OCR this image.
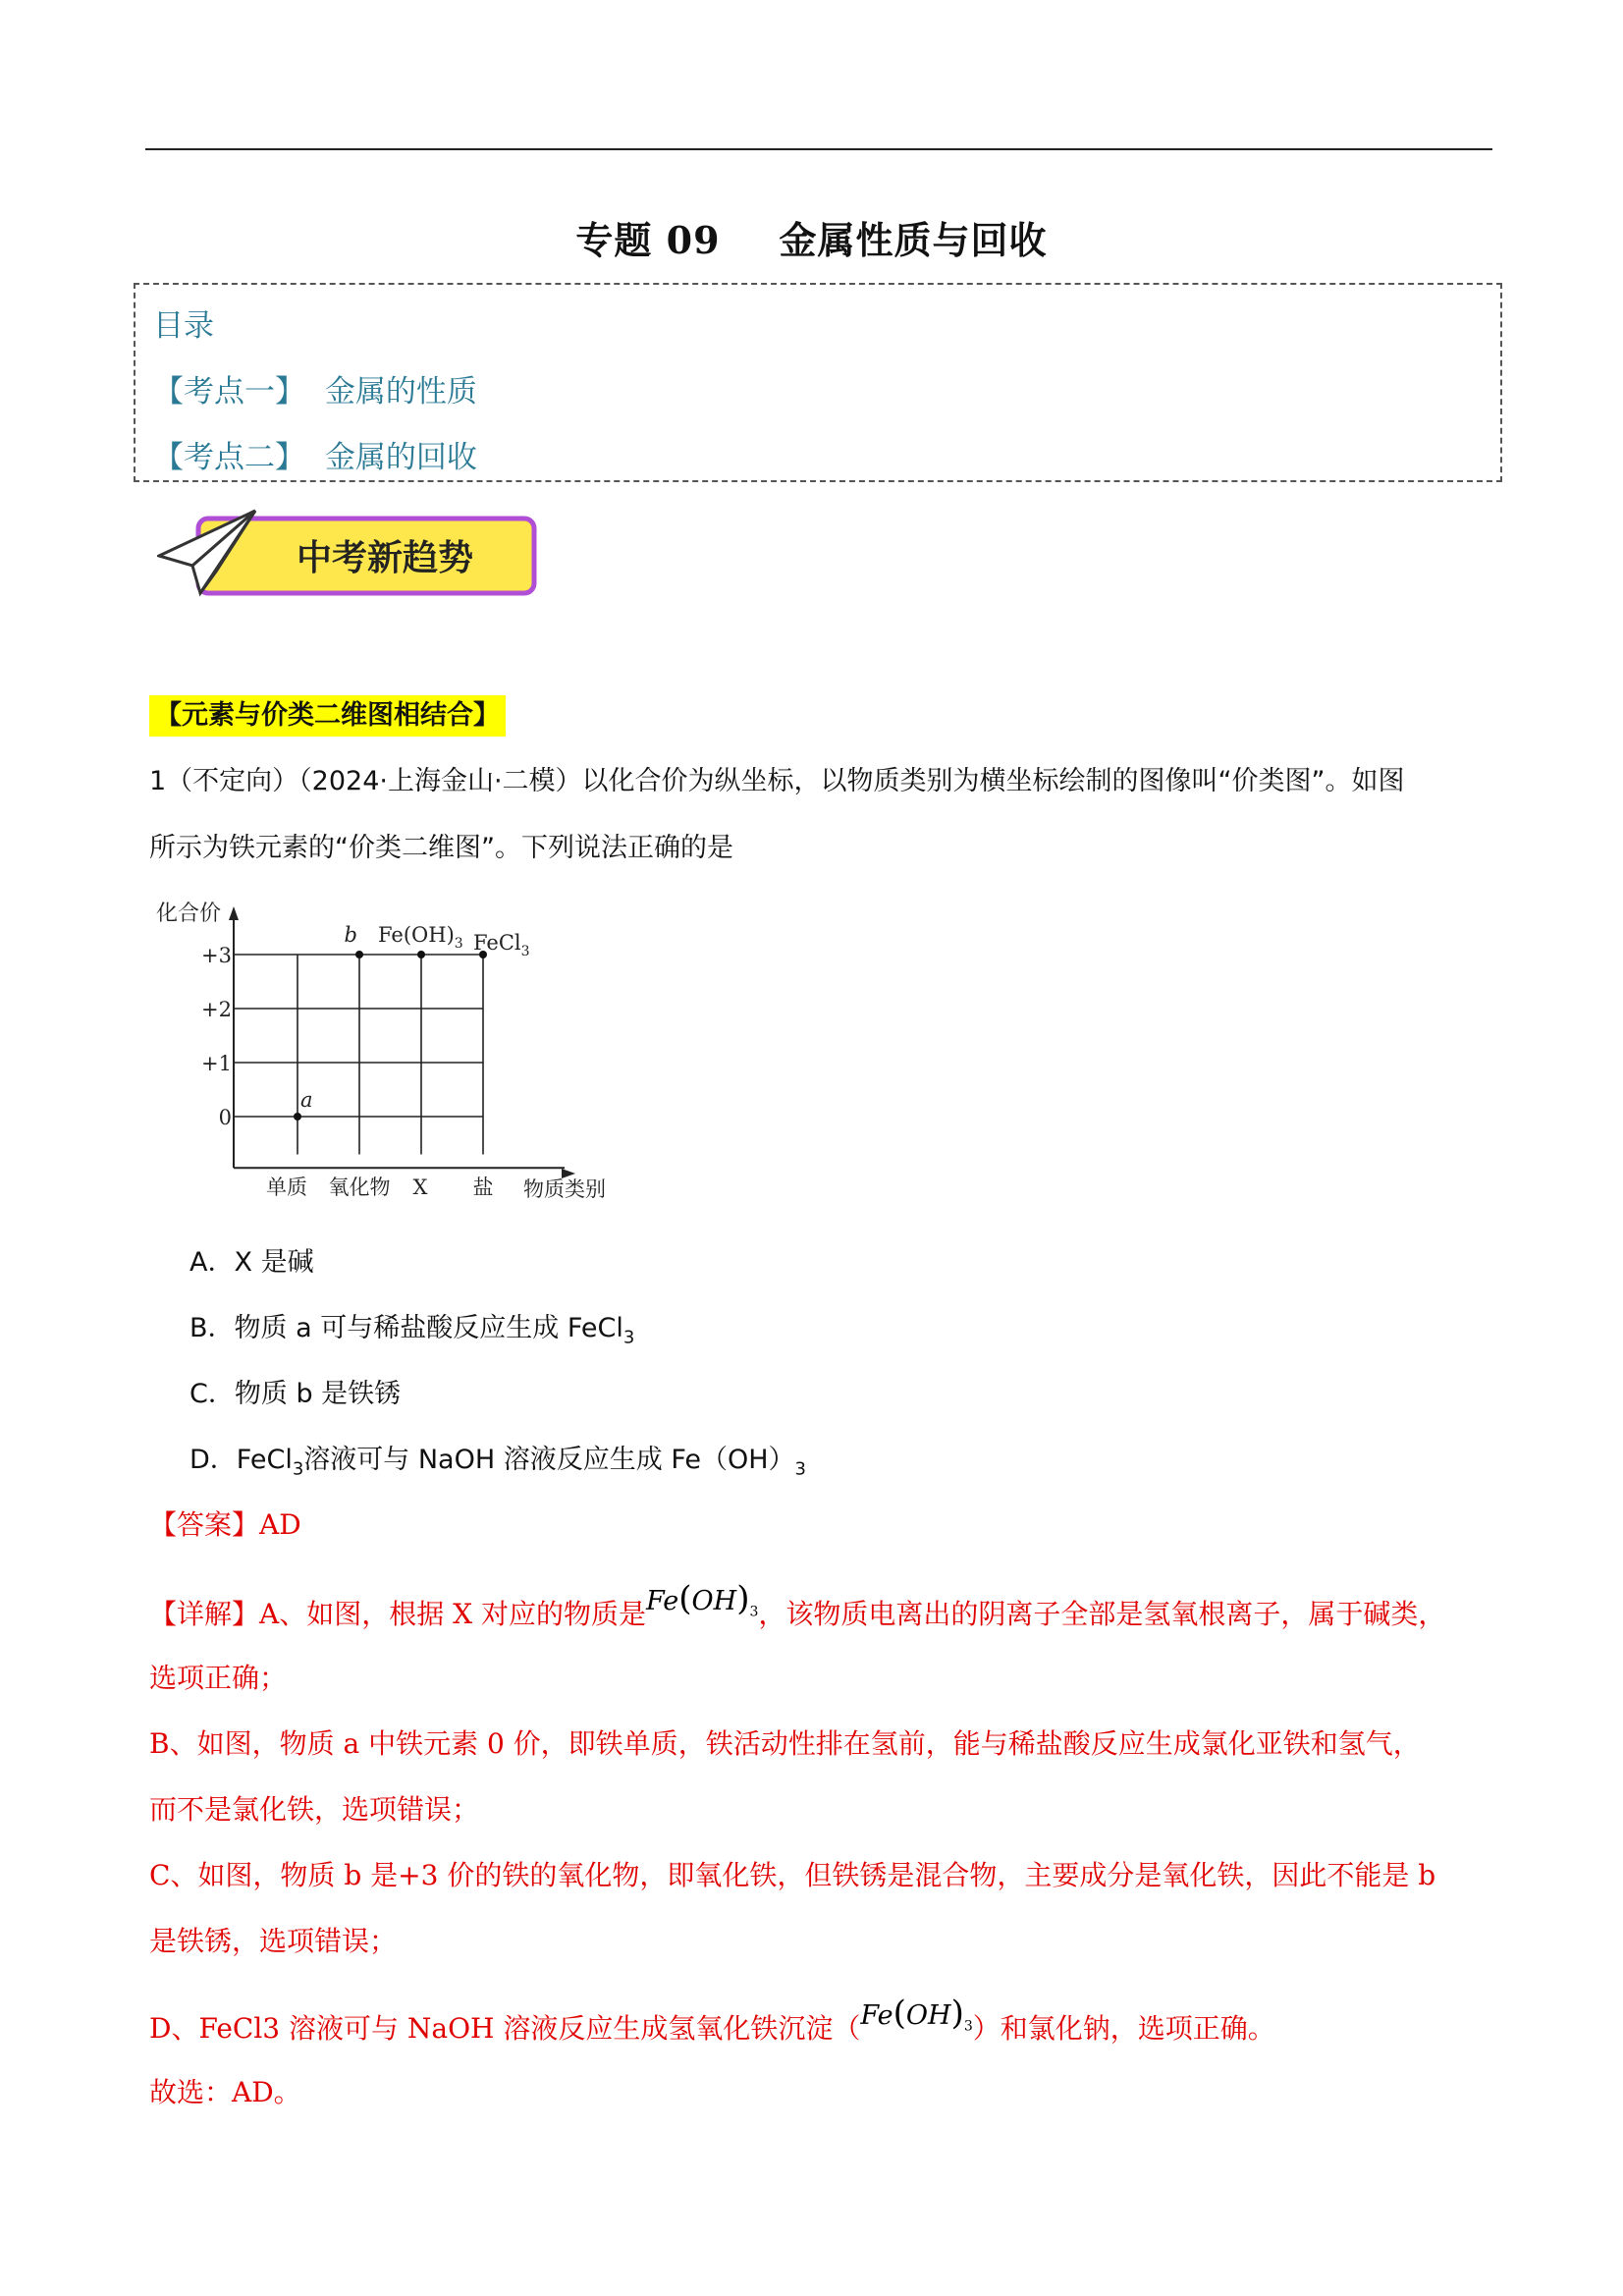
专题 09 金属性质与回收
目录
【考点一】 金属的性质
【考点二】 金属的回收
中考新趋势
【元素与价类二维图相结合】
1（不定向）（2024·上海金山·二模）以化合价为纵坐标，以物质类别为横坐标绘制的图像叫“价类图”。如图
所示为铁元素的“价类二维图”。下列说法正确的是
化合价
物质类别
+3
+2
+1
0
单质 氧化物 X 盐
a
b $Fe(OH)_3$ FeCl$_3$
A．X 是碱
B．物质 a 可与稀盐酸反应生成 FeCl$_3$
C．物质 b 是铁锈
D．FeCl$_3$溶液可与 NaOH 溶液反应生成 $Fe(OH)_3$
【答案】AD
【详解】A、如图，根据 X 对应的物质是$Fe(OH)_3$，该物质电离出的阴离子全部是氢氧根离子，属于碱类，
选项正确；
B、如图，物质 a 中铁元素 0 价，即铁单质，铁活动性排在氢前，能与稀盐酸反应生成氯化亚铁和氢气，
而不是氯化铁，选项错误；
C、如图，物质 b 是+3 价的铁的氧化物，即氧化铁，但铁锈是混合物，主要成分是氧化铁，因此不能是 b
是铁锈，选项错误；
D、FeCl3 溶液可与 NaOH 溶液反应生成氢氧化铁沉淀$(Fe(OH)_3)$和氯化钠，选项正确。
故选：AD。
